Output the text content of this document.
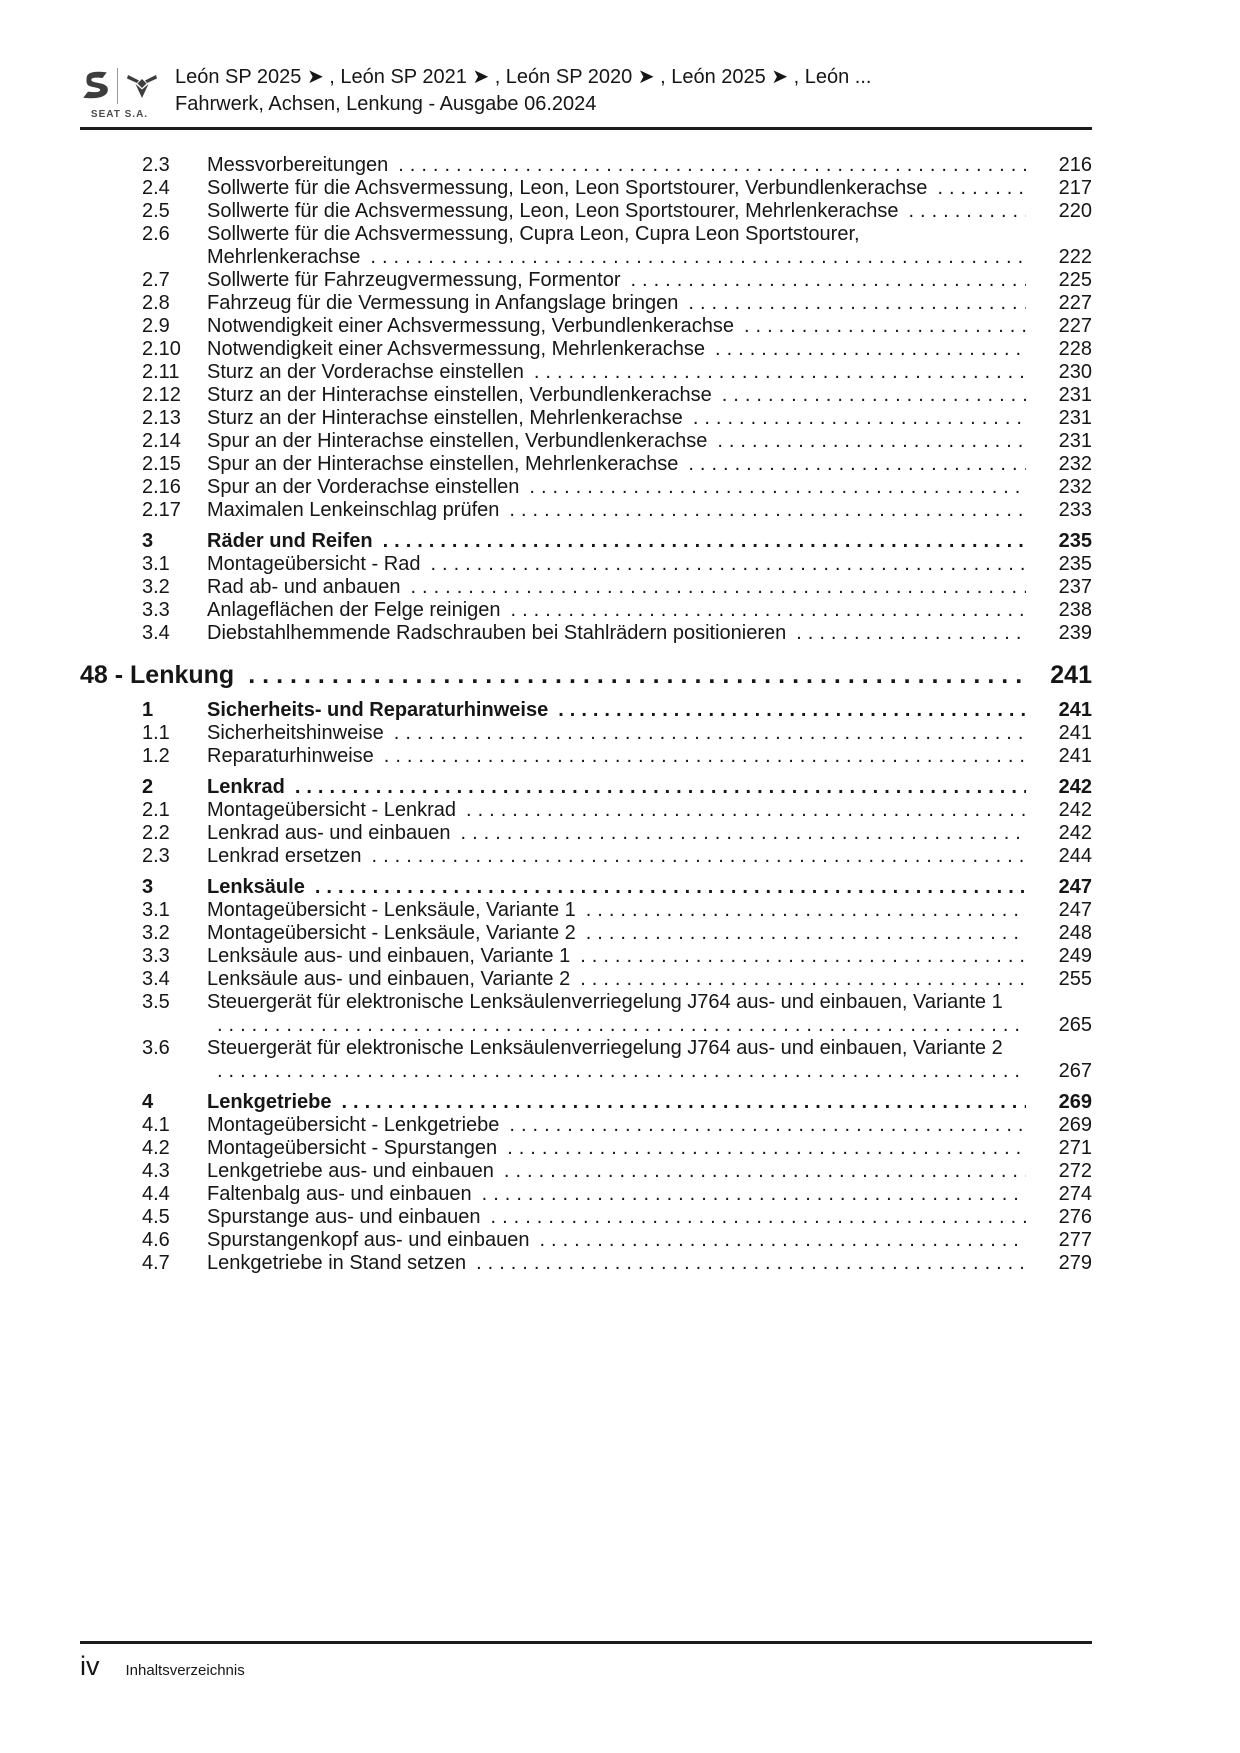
SEAT S.A.
León SP 2025 ➤ , León SP 2021 ➤ , León SP 2020 ➤ , León 2025 ➤ , León ...
Fahrwerk, Achsen, Lenkung - Ausgabe 06.2024
2.3	Messvorbereitungen .....	216
2.4	Sollwerte für die Achsvermessung, Leon, Leon Sportstourer, Verbundlenkerachse .....	217
2.5	Sollwerte für die Achsvermessung, Leon, Leon Sportstourer, Mehrlenkerachse .....	220
2.6	Sollwerte für die Achsvermessung, Cupra Leon, Cupra Leon Sportstourer,
Mehrlenkerachse .....	222
2.7	Sollwerte für Fahrzeugvermessung, Formentor .....	225
2.8	Fahrzeug für die Vermessung in Anfangslage bringen .....	227
2.9	Notwendigkeit einer Achsvermessung, Verbundlenkerachse .....	227
2.10	Notwendigkeit einer Achsvermessung, Mehrlenkerachse .....	228
2.11	Sturz an der Vorderachse einstellen .....	230
2.12	Sturz an der Hinterachse einstellen, Verbundlenkerachse .....	231
2.13	Sturz an der Hinterachse einstellen, Mehrlenkerachse .....	231
2.14	Spur an der Hinterachse einstellen, Verbundlenkerachse .....	231
2.15	Spur an der Hinterachse einstellen, Mehrlenkerachse .....	232
2.16	Spur an der Vorderachse einstellen .....	232
2.17	Maximalen Lenkeinschlag prüfen .....	233
3	Räder und Reifen .....	235
3.1	Montageübersicht - Rad .....	235
3.2	Rad ab- und anbauen .....	237
3.3	Anlageflächen der Felge reinigen .....	238
3.4	Diebstahlhemmende Radschrauben bei Stahlrädern positionieren .....	239
48 - Lenkung .....	241
1	Sicherheits- und Reparaturhinweise .....	241
1.1	Sicherheitshinweise .....	241
1.2	Reparaturhinweise .....	241
2	Lenkrad .....	242
2.1	Montageübersicht - Lenkrad .....	242
2.2	Lenkrad aus- und einbauen .....	242
2.3	Lenkrad ersetzen .....	244
3	Lenksäule .....	247
3.1	Montageübersicht - Lenksäule, Variante 1 .....	247
3.2	Montageübersicht - Lenksäule, Variante 2 .....	248
3.3	Lenksäule aus- und einbauen, Variante 1 .....	249
3.4	Lenksäule aus- und einbauen, Variante 2 .....	255
3.5	Steuergerät für elektronische Lenksäulenverriegelung J764 aus- und einbauen, Variante 1
.....
265
3.6	Steuergerät für elektronische Lenksäulenverriegelung J764 aus- und einbauen, Variante 2
.....
267
4	Lenkgetriebe .....	269
4.1	Montageübersicht - Lenkgetriebe .....	269
4.2	Montageübersicht - Spurstangen .....	271
4.3	Lenkgetriebe aus- und einbauen .....	272
4.4	Faltenbalg aus- und einbauen .....	274
4.5	Spurstange aus- und einbauen .....	276
4.6	Spurstangenkopf aus- und einbauen .....	277
4.7	Lenkgetriebe in Stand setzen .....	279
iv Inhaltsverzeichnis
